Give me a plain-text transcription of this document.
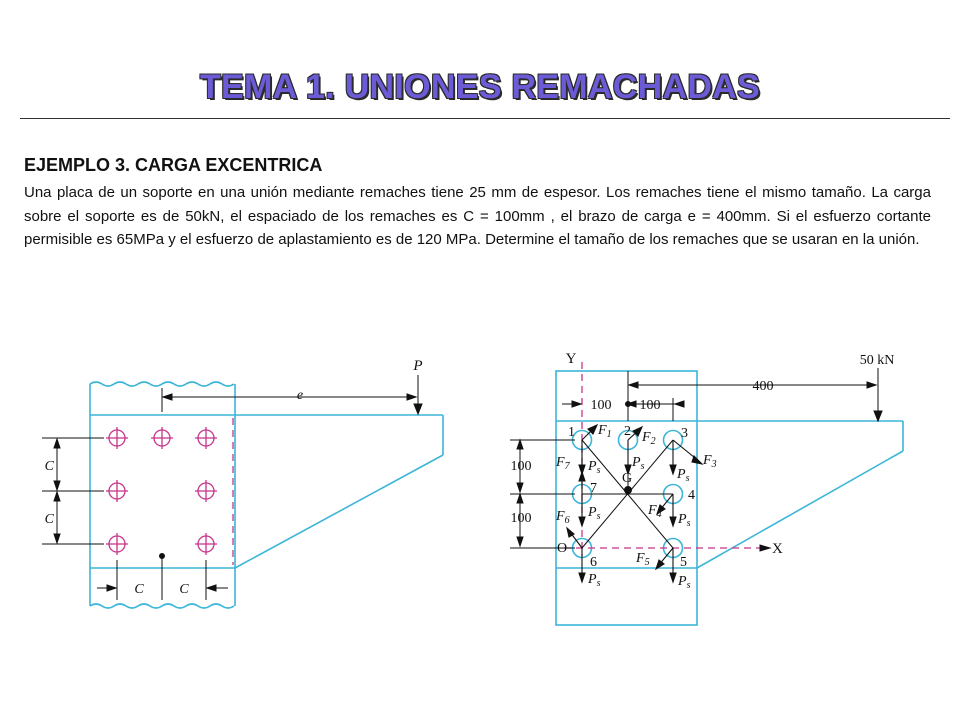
TEMA 1. UNIONES REMACHADAS
EJEMPLO 3. CARGA EXCENTRICA
Una placa de un soporte en una unión mediante remaches tiene 25 mm de espesor. Los remaches tiene el mismo tamaño. La carga sobre el soporte es de 50kN, el espaciado de los remaches es C = 100mm , el brazo de carga e = 400mm. Si el esfuerzo cortante permisible es 65MPa y el esfuerzo de aplastamiento es de 120 MPa. Determine el tamaño de los remaches que se usaran en la unión.
C
C
C	C
e
P	Y
X
50 kN
400
100 100
100
100
1	2	3
4
5
6
7
O
G
$F_1$ $F_2$
$F_3$
$F_4$
$F_5$
$F_6$
$F_7$ $P_s$
$P_s$
$P_s$
$P_s$	$P_s$
$P_s$	$P_s$
